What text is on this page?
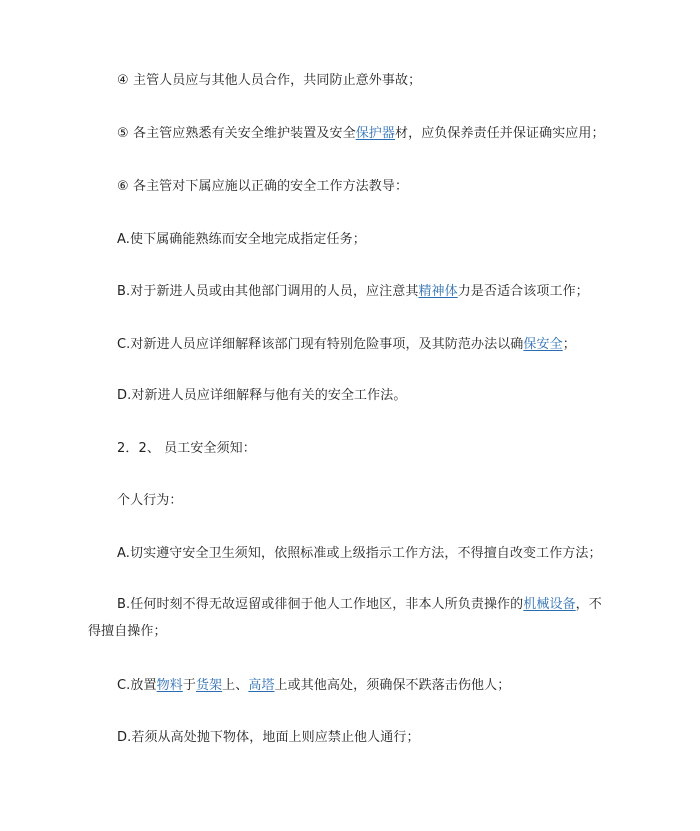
④ 主管人员应与其他人员合作，共同防止意外事故；

⑤ 各主管应熟悉有关安全维护装置及安全保护器材，应负保养责任并保证确实应用；

⑥ 各主管对下属应施以正确的安全工作方法教导：

A.使下属确能熟练而安全地完成指定任务；

B.对于新进人员或由其他部门调用的人员，应注意其精神体力是否适合该项工作；

C.对新进人员应详细解释该部门现有特别危险事项，及其防范办法以确保安全；

D.对新进人员应详细解释与他有关的安全工作法。

2．2、 员工安全须知：

个人行为：

A.切实遵守安全卫生须知，依照标准或上级指示工作方法，不得擅自改变工作方法；

B.任何时刻不得无故逗留或徘徊于他人工作地区，非本人所负责操作的机械设备，不得擅自操作；

C.放置物料于货架上、高塔上或其他高处，须确保不跌落击伤他人；

D.若须从高处抛下物体，地面上则应禁止他人通行；
